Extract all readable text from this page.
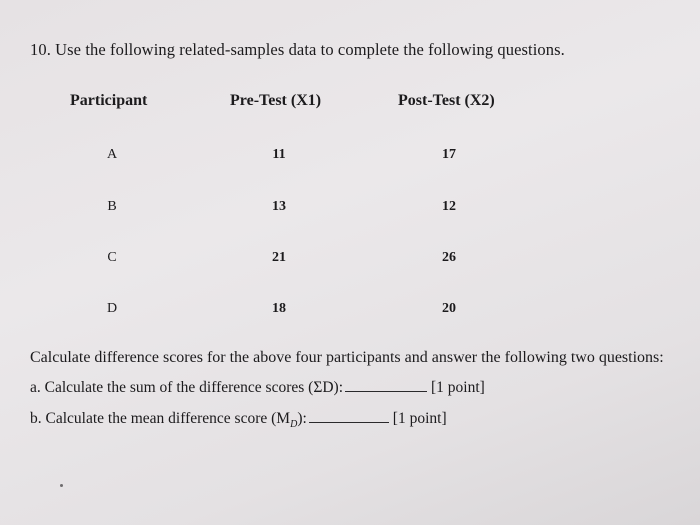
10. Use the following related-samples data to complete the following questions.
Participant	Pre-Test (X1)	Post-Test (X2)
A	11	17
B	13	12
C	21	26
D	18	20
Calculate difference scores for the above four participants and answer the following two questions:
a. Calculate the sum of the difference scores (ΣD):	[1 point]
b. Calculate the mean difference score $(M_D)$:	[1 point]
